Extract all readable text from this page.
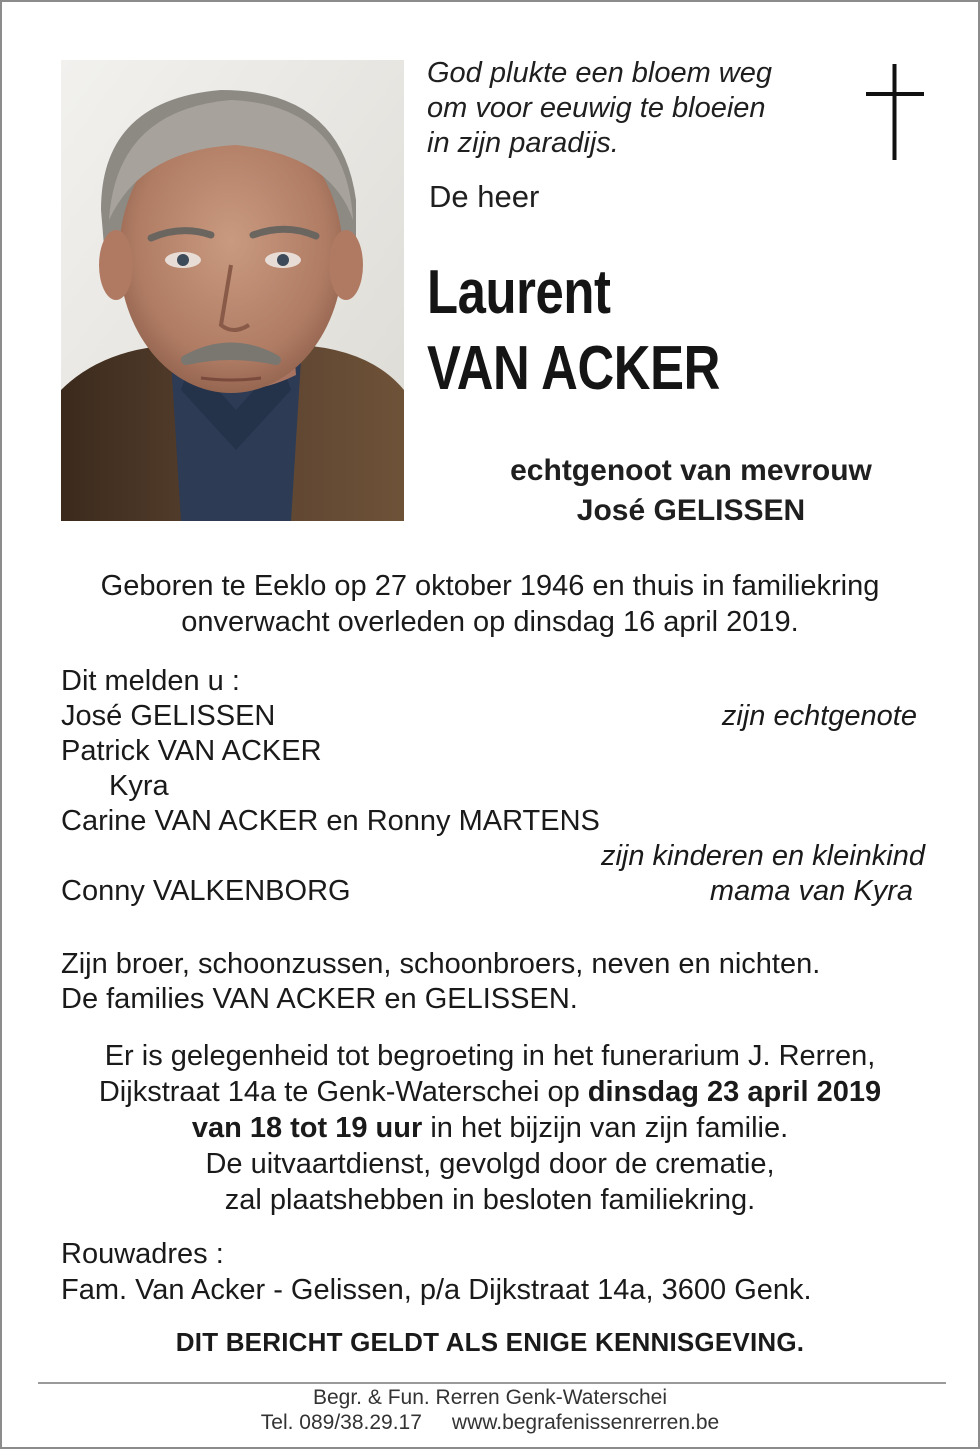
God plukte een bloem weg
om voor eeuwig te bloeien
in zijn paradijs.
De heer
Laurent
VAN ACKER
echtgenoot van mevrouw
José GELISSEN
Geboren te Eeklo op 27 oktober 1946 en thuis in familiekring
onverwacht overleden op dinsdag 16 april 2019.
Dit melden u :
José GELISSEN	zijn echtgenote
Patrick VAN ACKER
Kyra
Carine VAN ACKER en Ronny MARTENS
zijn kinderen en kleinkind
Conny VALKENBORG	mama van Kyra
Zijn broer, schoonzussen, schoonbroers, neven en nichten.
De families VAN ACKER en GELISSEN.
Er is gelegenheid tot begroeting in het funerarium J. Rerren,
Dijkstraat 14a te Genk-Waterschei op dinsdag 23 april 2019
van 18 tot 19 uur in het bijzijn van zijn familie.
De uitvaartdienst, gevolgd door de crematie,
zal plaatshebben in besloten familiekring.
Rouwadres :
Fam. Van Acker - Gelissen, p/a Dijkstraat 14a, 3600 Genk.
DIT BERICHT GELDT ALS ENIGE KENNISGEVING.
Begr. & Fun. Rerren Genk-Waterschei
Tel. 089/38.29.17 www.begrafenissenrerren.be
